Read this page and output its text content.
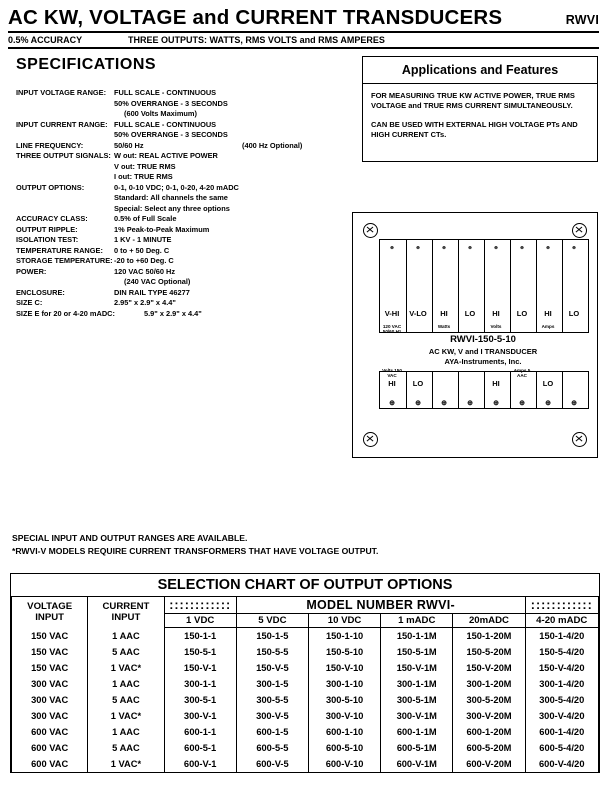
AC KW, VOLTAGE and CURRENT TRANSDUCERS	RWVI
0.5% ACCURACY	THREE OUTPUTS: WATTS, RMS VOLTS and RMS AMPERES
SPECIFICATIONS
INPUT VOLTAGE RANGE:	FULL SCALE - CONTINUOUS
50% OVERRANGE - 3 SECONDS
(600 Volts Maximum)
INPUT CURRENT RANGE: FULL SCALE - CONTINUOUS
50% OVERRANGE - 3 SECONDS
LINE FREQUENCY:	50/60 Hz	(400 Hz Optional)
THREE OUTPUT SIGNALS: W out: REAL ACTIVE POWER
V out: TRUE RMS
I out: TRUE RMS
OUTPUT OPTIONS:	0-1, 0-10 VDC; 0-1, 0-20, 4-20 mADC
Standard: All channels the same
Special: Select any three options
ACCURACY CLASS:	0.5% of Full Scale
OUTPUT RIPPLE:	1% Peak-to-Peak Maximum
ISOLATION TEST:	1 KV - 1 MINUTE
TEMPERATURE RANGE:	0 to + 50 Deg. C
STORAGE TEMPERATURE: -20 to +60 Deg. C
POWER:	120 VAC 50/60 Hz
(240 VAC Optional)
ENCLOSURE:	DIN RAIL TYPE 46277
SIZE C:	2.95" x 2.9" x 4.4"
SIZE E for 20 or 4-20 mADC:	5.9" x 2.9" x 4.4"
Applications and Features

FOR MEASURING TRUE KW ACTIVE POWER, TRUE RMS VOLTAGE and TRUE RMS CURRENT SIMULTANEOUSLY.

CAN BE USED WITH EXTERNAL HIGH VOLTAGE PTs AND HIGH CURRENT CTs.

⊕	⊕	⊕	⊕	⊕	⊕	⊕	⊕
V-HI	V-LO	HI	LO	HI	LO	HI	LO
120 VAC 50/60 Hz
Watts	Volts	Amps
RWVI-150-5-10
AC KW, V and I TRANSDUCER
AYA-Instruments, Inc.
Volts 150 VAC
Amps 5 AAC
HI	LO	HI	LO
⊕	⊕	⊕	⊕	⊕	⊕	⊕	⊕
SPECIAL INPUT AND OUTPUT RANGES ARE AVAILABLE.
*RWVI-V MODELS REQUIRE CURRENT TRANSFORMERS THAT HAVE VOLTAGE OUTPUT.
SELECTION CHART OF OUTPUT OPTIONS
VOLTAGE
INPUT	CURRENT
INPUT	::::::::::::	MODEL NUMBER RWVI-				::::::::::::
		1 VDC	5 VDC	10 VDC	1 mADC	20mADC	4-20 mADC
150 VAC	1 AAC	150-1-1	150-1-5	150-1-10	150-1-1M	150-1-20M	150-1-4/20
150 VAC	5 AAC	150-5-1	150-5-5	150-5-10	150-5-1M	150-5-20M	150-5-4/20
150 VAC	1 VAC*	150-V-1	150-V-5	150-V-10	150-V-1M	150-V-20M	150-V-4/20
300 VAC	1 AAC	300-1-1	300-1-5	300-1-10	300-1-1M	300-1-20M	300-1-4/20
300 VAC	5 AAC	300-5-1	300-5-5	300-5-10	300-5-1M	300-5-20M	300-5-4/20
300 VAC	1 VAC*	300-V-1	300-V-5	300-V-10	300-V-1M	300-V-20M	300-V-4/20
600 VAC	1 AAC	600-1-1	600-1-5	600-1-10	600-1-1M	600-1-20M	600-1-4/20
600 VAC	5 AAC	600-5-1	600-5-5	600-5-10	600-5-1M	600-5-20M	600-5-4/20
600 VAC	1 VAC*	600-V-1	600-V-5	600-V-10	600-V-1M	600-V-20M	600-V-4/20
